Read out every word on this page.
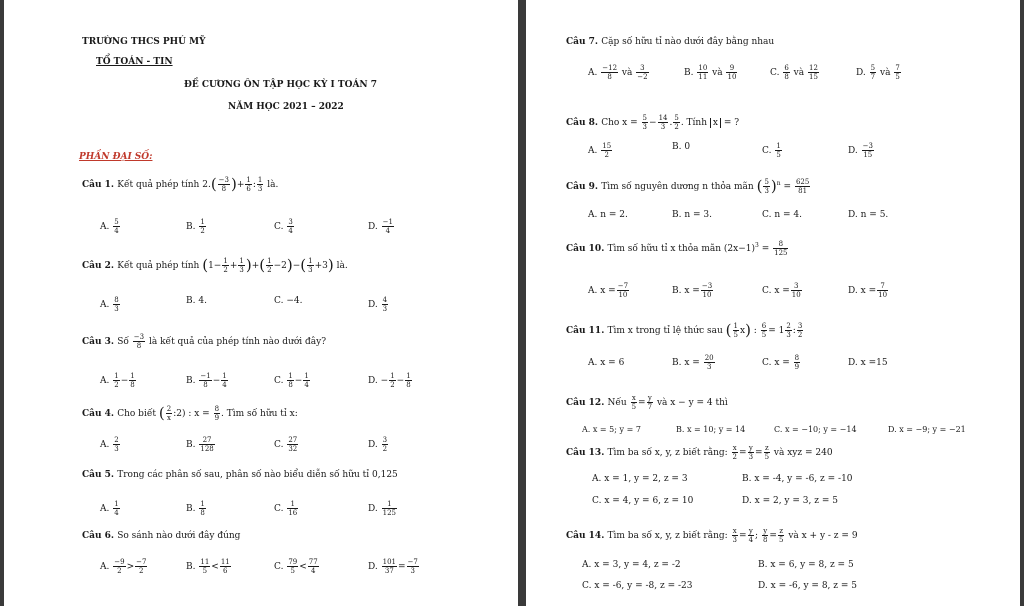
TRƯỜNG THCS PHÚ MỸ
TỔ TOÁN - TIN
ĐỀ CƯƠNG ÔN TẬP HỌC KỲ I TOÁN 7
NĂM HỌC 2021 – 2022
PHẦN ĐẠI SỐ:
Câu 1. Kết quả phép tính $2.( \frac{-3}{8}$ )+ $\frac{1}{6}$ : $\frac{1}{3}$ là.
A. $\frac{5}{4}$	B. $\frac{1}{2}$	C. $\frac{3}{4}$	D. $\frac{-1}{4}$
Câu 2. Kết quả phép tính ($1- \frac{1}{2} + \frac{1}{3}$ )+( $\frac{1}{2} -2)-( \frac{1}{3} +3)$ là.
A. $\frac{8}{3}$	B. 4.	C. −4.	D. $\frac{4}{3}$
Câu 3. Số $\frac{-3}{8}$ là kết quả của phép tính nào dưới đây?
A. $\frac{1}{2} - \frac{1}{8}$	B. $\frac{-1}{8} - \frac{1}{4}$	C. $\frac{1}{8} - \frac{1}{4}$	D. − $\frac{1}{2} - \frac{1}{8}$
Câu 4. Cho biết ( $\frac{2}{x}$ :2) : $x = \frac{8}{9}$ . Tìm số hữu tỉ x:
A. $\frac{2}{3}$	B. $\frac{27}{128}$	C. $\frac{27}{32}$	D. $\frac{3}{2}$
Câu 5. Trong các phân số sau, phân số nào biểu diễn số hữu tỉ 0,125
A. $\frac{1}{4}$	B. $\frac{1}{8}$	C. $\frac{1}{16}$	D. $\frac{1}{125}$
Câu 6. So sánh nào dưới đây đúng
A. $\frac{-9}{2} > \frac{-7}{2}$	B. $\frac{11}{5} < \frac{11}{6}$	C. $\frac{79}{5} < \frac{77}{4}$	D. $\frac{101}{37} = \frac{-7}{3}$
Câu 7. Cặp số hữu tỉ nào dưới đây bằng nhau
A. $\frac{-12}{8}$ và $\frac{3}{-2}$	B. $\frac{10}{11}$ và $\frac{9}{10}$	C. $\frac{6}{8}$ và $\frac{12}{15}$	D. $\frac{5}{7}$ và $\frac{7}{5}$
Câu 8. Cho $x = \frac{5}{3} - \frac{14}{3}$ . $\frac{5}{2}$ . Tính x = ?
A. $\frac{15}{2}$	B. 0	C. $\frac{1}{5}$	D. $\frac{-3}{15}$
Câu 9. Tìm số nguyên dương n thỏa mãn ( $\frac{5}{3} )^n = \frac{625}{81}$
A. n = 2.	B. n = 3.	C. n = 4.	D. n = 5.
Câu 10. Tìm số hữu tỉ x thỏa mãn $(2x-1)^3 = \frac{8}{125}$
A. $x = \frac{-7}{10}$	B. $x = \frac{-3}{10}$	C. $x = \frac{3}{10}$	D. $x = \frac{7}{10}$
Câu 11. Tìm x trong tỉ lệ thức sau ( $\frac{1}{5} x$) : $\frac{6}{5} = 1 \frac{2}{3}$ : $\frac{3}{2}$
A. x = 6	B. $x = \frac{20}{3}$	C. $x = \frac{8}{9}$	D. x =15
Câu 12. Nếu $\frac{x}{5} = \frac{y}{7}$ và x − y = 4 thì
A. x = 5; y = 7	B. x = 10; y = 14	C. x = −10; y = −14	D. x = −9; y = −21
Câu 13. Tìm ba số x, y, z biết rằng: $\frac{x}{2} = \frac{y}{3} = \frac{z}{5}$ và xyz = 240
A. x = 1, y = 2, z = 3	B. x = -4, y = -6, z = -10
C. x = 4, y = 6, z = 10	D. x = 2, y = 3, z = 5
Câu 14. Tìm ba số x, y, z biết rằng: $\frac{x}{3} = \frac{y}{4}$ ; $\frac{y}{8} = \frac{z}{5}$ và x + y - z = 9
A. x = 3, y = 4, z = -2	B. x = 6, y = 8, z = 5
C. x = -6, y = -8, z = -23	D. x = -6, y = 8, z = 5
